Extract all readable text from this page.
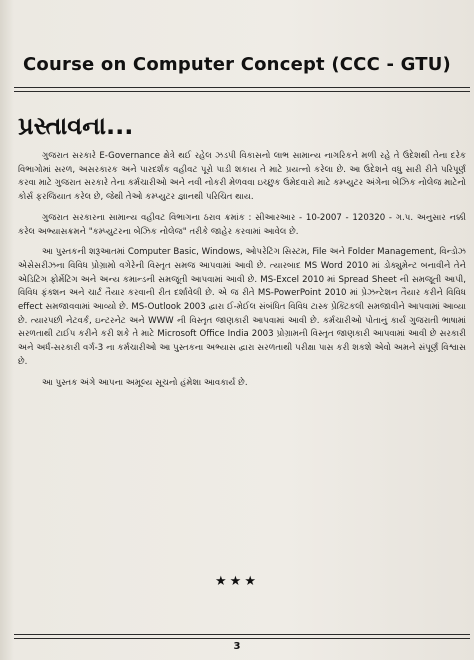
Course on Computer Concept (CCC - GTU)
પ્રસ્તાવના...

ગુજરાત સરકારે E-Governance ક્ષેત્રે થઈ રહેલ ઝડપી વિકાસનો લાભ સામાન્ય નાગરિકને મળી રહે તે ઉદેશથી તેના દરેક વિભાગોમાં સરળ, અસરકારક અને પારદર્શક વહીવટ પૂરો પાડી શકાય તે માટે પ્રયત્નો કરેલા છે. આ ઉદેશને વધુ સારી રીતે પરિપૂર્ણ કરવા માટે ગુજરાત સરકારે તેના કર્મચારીઓ અને નવી નોકરી મેળવવા ઇચ્છુક ઉમેદવારો માટે કમ્પ્યુટર અંગેના બેઝિક નોલેજ માટેનો કોર્સ ફરજિયાત કરેલ છે, જેથી તેઓ કમ્પ્યુટર જ્ઞાનથી પરિચિત થાય.

ગુજરાત સરકારના સામાન્ય વહીવટ વિભાગના ઠરાવ ક્રમાંક : સીઆરઆર - 10-2007 - 120320 - ગ.પ. અનુસાર નક્કી કરેલ અભ્યાસક્રમને "કમ્પ્યુટરના બેઝિક નોલેજ" તરીકે જાહેર કરવામાં આવેલ છે.

આ પુસ્તકની શરૂઆતમાં Computer Basic, Windows, ઓપરેટિંગ સિસ્ટમ, File અને Folder Management, વિન્ડોઝ એસેસરીઝના વિવિધ પ્રોગ્રામો વગેરેની વિસ્તૃત સમજ આપવામાં આવી છે. ત્યારબાદ MS Word 2010 માં ડોક્યુમેન્ટ બનાવીને તેને એડિટિંગ ફોર્મેટિંગ અને અન્ય કમાન્ડની સમજૂતી આપવામાં આવી છે. MS-Excel 2010 માં Spread Sheet ની સમજૂતી આપી, વિવિધ ફંક્શન અને ચાર્ટ તૈયાર કરવાની રીત દર્શાવેલી છે. એ જ રીતે MS-PowerPoint 2010 માં પ્રેઝન્ટેશન તૈયાર કરીને વિવિધ effect સમજાવવામાં આવ્યો છે. MS-Outlook 2003 દ્વારા ઈ-મેઈલ સંબંધિત વિવિધ ટાસ્ક પ્રેક્ટિકલી સમજાવીને આપવામાં આવ્યા છે. ત્યારપછી નેટવર્ક, ઇન્ટરનેટ અને WWW ની વિસ્તૃત જાણકારી આપવામાં આવી છે. કર્મચારીઓ પોતાનું કાર્ય ગુજરાતી ભાષામાં સરળતાથી ટાઈપ કરીને કરી શકે તે માટે Microsoft Office India 2003 પ્રોગ્રામની વિસ્તૃત જાણકારી આપવામાં આવી છે સરકારી અને અર્ધ-સરકારી વર્ગ-3 ના કર્મચારીઓ આ પુસ્તકના અભ્યાસ દ્વારા સરળતાથી પરીક્ષા પાસ કરી શકશે એવો અમને સંપૂર્ણ વિશ્વાસ છે.

આ પુસ્તક અંગે આપના અમૂલ્ય સૂચનો હંમેશા આવકાર્ય છે.

★★★
3
